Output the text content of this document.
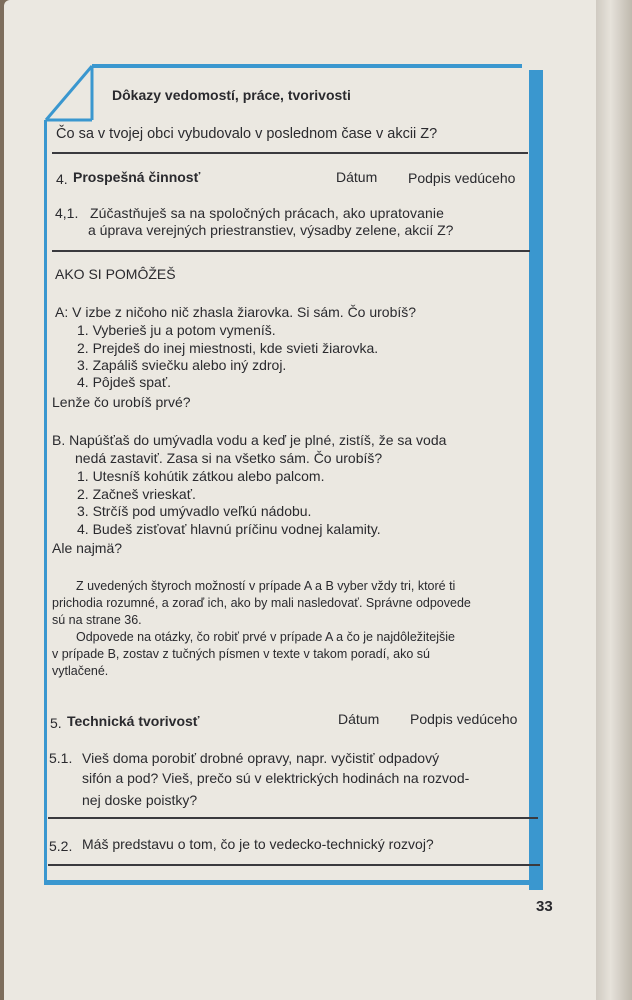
Dôkazy vedomostí, práce, tvorivosti
Čo sa v tvojej obci vybudovalo v poslednom čase v akcii Z?
4. Prospešná činnosť	Dátum Podpis vedúceho
4,1. Zúčastňuješ sa na spoločných prácach, ako upratovanie
a úprava verejných priestranstiev, výsadby zelene, akcií Z?
AKO SI POMÔŽEŠ
A: V izbe z ničoho nič zhasla žiarovka. Si sám. Čo urobíš?
1. Vyberieš ju a potom vymeníš.
2. Prejdeš do inej miestnosti, kde svieti žiarovka.
3. Zapáliš sviečku alebo iný zdroj.
4. Pôjdeš spať.
Lenže čo urobíš prvé?
B. Napúšťaš do umývadla vodu a keď je plné, zistíš, že sa voda
nedá zastaviť. Zasa si na všetko sám. Čo urobíš?
1. Utesníš kohútik zátkou alebo palcom.
2. Začneš vrieskať.
3. Strčíš pod umývadlo veľkú nádobu.
4. Budeš zisťovať hlavnú príčinu vodnej kalamity.
Ale najmä?
Z uvedených štyroch možností v prípade A a B vyber vždy tri, ktoré ti
prichodia rozumné, a zoraď ich, ako by mali nasledovať. Správne odpovede
sú na strane 36.
Odpovede na otázky, čo robiť prvé v prípade A a čo je najdôležitejšie
v prípade B, zostav z tučných písmen v texte v takom poradí, ako sú
vytlačené.
5. Technická tvorivosť	Dátum Podpis vedúceho
5.1. Vieš doma porobiť drobné opravy, napr. vyčistiť odpadový
sifón a pod? Vieš, prečo sú v elektrických hodinách na rozvod-
nej doske poistky?
5.2. Máš predstavu o tom, čo je to vedecko-technický rozvoj?
33
